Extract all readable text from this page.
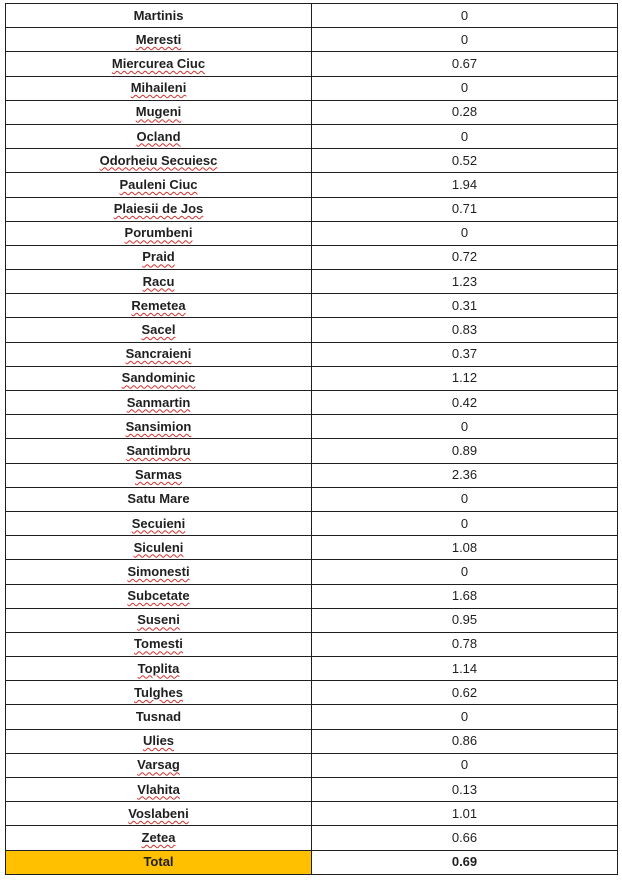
Martinis	0
Meresti	0
Miercurea Ciuc	0.67
Mihaileni	0
Mugeni	0.28
Ocland	0
Odorheiu Secuiesc	0.52
Pauleni Ciuc	1.94
Plaiesii de Jos	0.71
Porumbeni	0
Praid	0.72
Racu	1.23
Remetea	0.31
Sacel	0.83
Sancraieni	0.37
Sandominic	1.12
Sanmartin	0.42
Sansimion	0
Santimbru	0.89
Sarmas	2.36
Satu Mare	0
Secuieni	0
Siculeni	1.08
Simonesti	0
Subcetate	1.68
Suseni	0.95
Tomesti	0.78
Toplita	1.14
Tulghes	0.62
Tusnad	0
Ulies	0.86
Varsag	0
Vlahita	0.13
Voslabeni	1.01
Zetea	0.66
Total	0.69
